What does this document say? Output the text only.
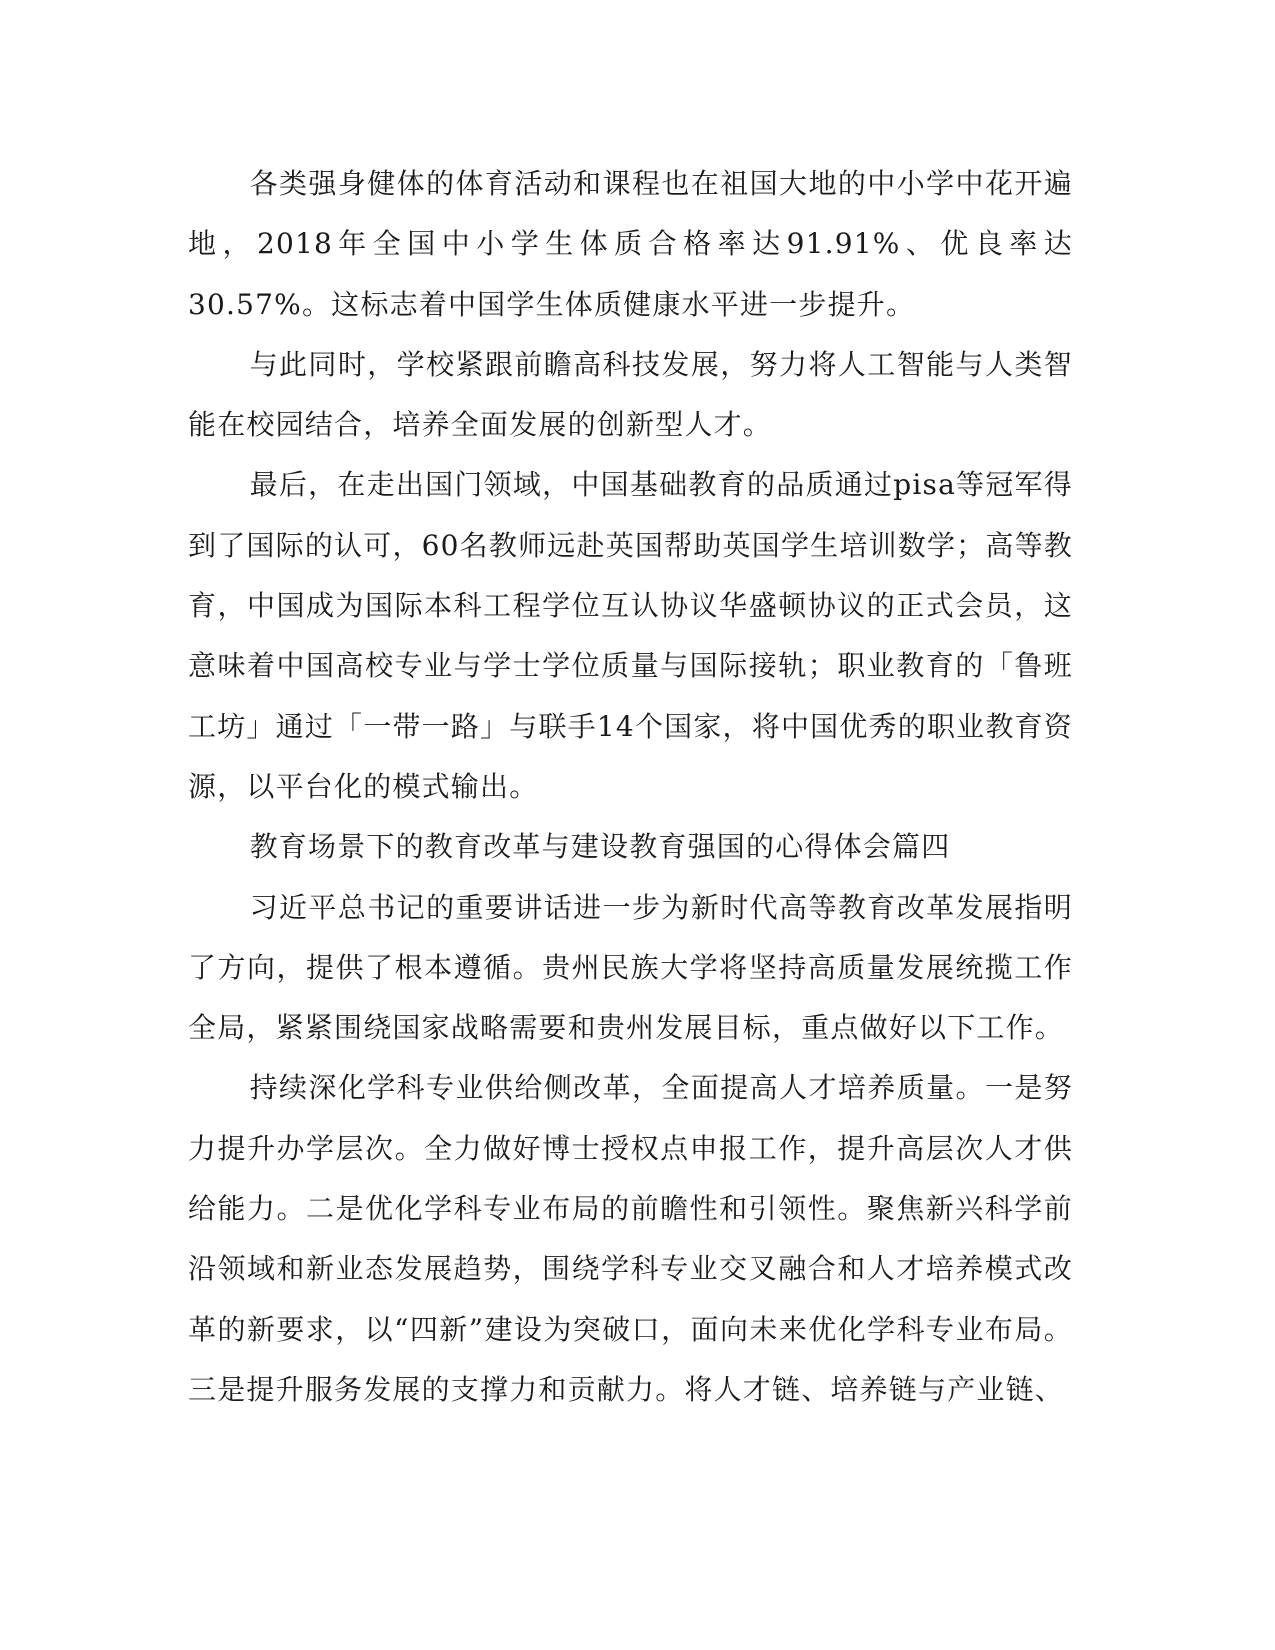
各类强身健体的体育活动和课程也在祖国大地的中小学中花开遍地，2018年全国中小学生体质合格率达91.91%、优良率达30.57%。这标志着中国学生体质健康水平进一步提升。

与此同时，学校紧跟前瞻高科技发展，努力将人工智能与人类智能在校园结合，培养全面发展的创新型人才。

最后，在走出国门领域，中国基础教育的品质通过pisa等冠军得到了国际的认可，60名教师远赴英国帮助英国学生培训数学；高等教育，中国成为国际本科工程学位互认协议华盛顿协议的正式会员，这意味着中国高校专业与学士学位质量与国际接轨；职业教育的「鲁班工坊」通过「一带一路」与联手14个国家，将中国优秀的职业教育资源，以平台化的模式输出。

教育场景下的教育改革与建设教育强国的心得体会篇四

习近平总书记的重要讲话进一步为新时代高等教育改革发展指明了方向，提供了根本遵循。贵州民族大学将坚持高质量发展统揽工作全局，紧紧围绕国家战略需要和贵州发展目标，重点做好以下工作。

持续深化学科专业供给侧改革，全面提高人才培养质量。一是努力提升办学层次。全力做好博士授权点申报工作，提升高层次人才供给能力。二是优化学科专业布局的前瞻性和引领性。聚焦新兴科学前沿领域和新业态发展趋势，围绕学科专业交叉融合和人才培养模式改革的新要求，以“四新”建设为突破口，面向未来优化学科专业布局。三是提升服务发展的支撑力和贡献力。将人才链、培养链与产业链、
